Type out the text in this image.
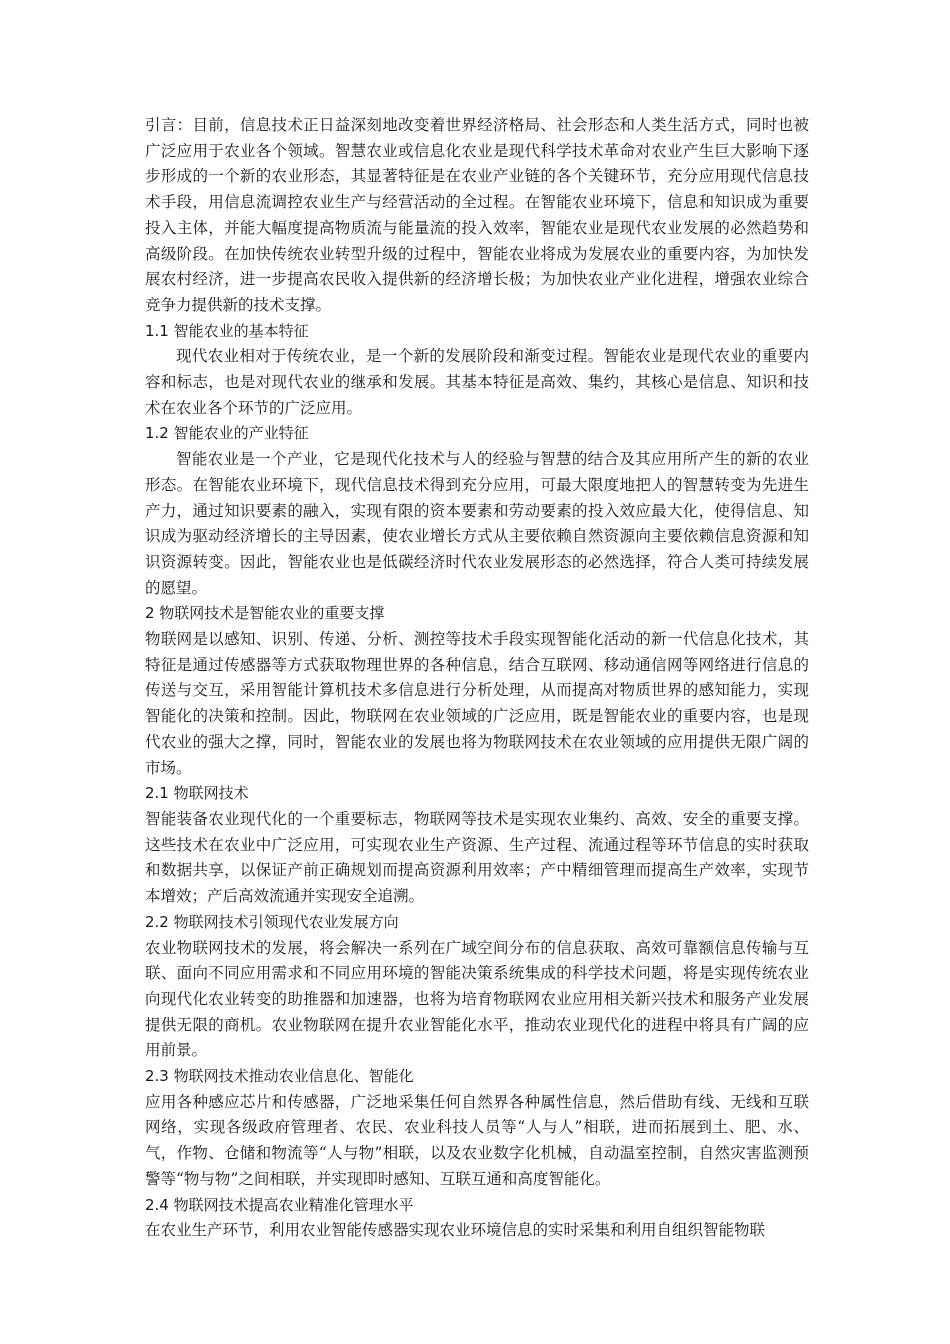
引言：目前，信息技术正日益深刻地改变着世界经济格局、社会形态和人类生活方式，同时也被广泛应用于农业各个领域。智慧农业或信息化农业是现代科学技术革命对农业产生巨大影响下逐步形成的一个新的农业形态，其显著特征是在农业产业链的各个关键环节，充分应用现代信息技术手段，用信息流调控农业生产与经营活动的全过程。在智能农业环境下，信息和知识成为重要投入主体，并能大幅度提高物质流与能量流的投入效率，智能农业是现代农业发展的必然趋势和高级阶段。在加快传统农业转型升级的过程中，智能农业将成为发展农业的重要内容，为加快发展农村经济，进一步提高农民收入提供新的经济增长极；为加快农业产业化进程，增强农业综合竞争力提供新的技术支撑。

1.1 智能农业的基本特征

现代农业相对于传统农业，是一个新的发展阶段和渐变过程。智能农业是现代农业的重要内容和标志，也是对现代农业的继承和发展。其基本特征是高效、集约，其核心是信息、知识和技术在农业各个环节的广泛应用。

1.2 智能农业的产业特征

智能农业是一个产业，它是现代化技术与人的经验与智慧的结合及其应用所产生的新的农业形态。在智能农业环境下，现代信息技术得到充分应用，可最大限度地把人的智慧转变为先进生产力，通过知识要素的融入，实现有限的资本要素和劳动要素的投入效应最大化，使得信息、知识成为驱动经济增长的主导因素，使农业增长方式从主要依赖自然资源向主要依赖信息资源和知识资源转变。因此，智能农业也是低碳经济时代农业发展形态的必然选择，符合人类可持续发展的愿望。

2 物联网技术是智能农业的重要支撑

物联网是以感知、识别、传递、分析、测控等技术手段实现智能化活动的新一代信息化技术，其特征是通过传感器等方式获取物理世界的各种信息，结合互联网、移动通信网等网络进行信息的传送与交互，采用智能计算机技术多信息进行分析处理，从而提高对物质世界的感知能力，实现智能化的决策和控制。因此，物联网在农业领域的广泛应用，既是智能农业的重要内容，也是现代农业的强大之撑，同时，智能农业的发展也将为物联网技术在农业领域的应用提供无限广阔的市场。

2.1 物联网技术

智能装备农业现代化的一个重要标志，物联网等技术是实现农业集约、高效、安全的重要支撑。这些技术在农业中广泛应用，可实现农业生产资源、生产过程、流通过程等环节信息的实时获取和数据共享，以保证产前正确规划而提高资源利用效率；产中精细管理而提高生产效率，实现节本增效；产后高效流通并实现安全追溯。

2.2 物联网技术引领现代农业发展方向

农业物联网技术的发展，将会解决一系列在广域空间分布的信息获取、高效可靠额信息传输与互联、面向不同应用需求和不同应用环境的智能决策系统集成的科学技术问题，将是实现传统农业向现代化农业转变的助推器和加速器，也将为培育物联网农业应用相关新兴技术和服务产业发展提供无限的商机。农业物联网在提升农业智能化水平，推动农业现代化的进程中将具有广阔的应用前景。

2.3 物联网技术推动农业信息化、智能化

应用各种感应芯片和传感器，广泛地采集任何自然界各种属性信息，然后借助有线、无线和互联网络，实现各级政府管理者、农民、农业科技人员等“人与人”相联，进而拓展到土、肥、水、气，作物、仓储和物流等“人与物”相联，以及农业数字化机械，自动温室控制，自然灾害监测预警等“物与物”之间相联，并实现即时感知、互联互通和高度智能化。

2.4 物联网技术提高农业精准化管理水平

在农业生产环节，利用农业智能传感器实现农业环境信息的实时采集和利用自组织智能物联
